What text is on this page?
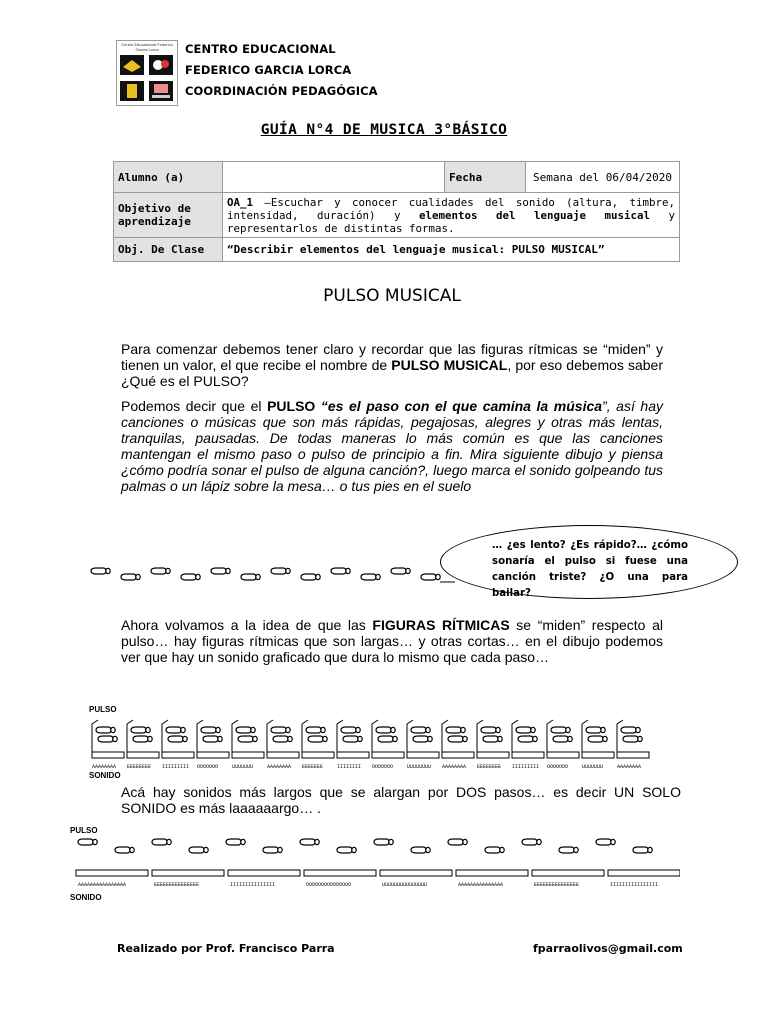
Centro Educacional Federico García Lorca	CENTRO EDUCACIONAL
FEDERICO GARCIA LORCA
COORDINACIÓN PEDAGÓGICA
GUÍA N°4 DE MUSICA 3°BÁSICO
Alumno (a)		Fecha	Semana del 06/04/2020
Objetivo de aprendizaje	OA_1 –Escuchar y conocer cualidades del sonido (altura, timbre, intensidad, duración) y elementos del lenguaje musical y representarlos de distintas formas.		
Obj. De Clase	“Describir elementos del lenguaje musical: PULSO MUSICAL”		
PULSO MUSICAL
Para comenzar debemos tener claro y recordar que las figuras rítmicas se “miden” y tienen un valor, el que recibe el nombre de PULSO MUSICAL, por eso debemos saber ¿Qué es el PULSO?
Podemos decir que el PULSO “es el paso con el que camina la música”, así hay canciones o músicas que son más rápidas, pegajosas, alegres y otras más lentas, tranquilas, pausadas. De todas maneras lo más común es que las canciones mantengan el mismo paso o pulso de principio a fin. Mira siguiente dibujo y piensa ¿cómo podría sonar el pulso de alguna canción?, luego marca el sonido golpeando tus palmas o un lápiz sobre la mesa… o tus pies en el suelo
… ¿es lento? ¿Es rápido?… ¿cómo sonaría el pulso si fuese una canción triste? ¿O una para bailar?
Ahora volvamos a la idea de que las FIGURAS RÍTMICAS se “miden” respecto al pulso… hay figuras rítmicas que son largas… y otras cortas… en el dibujo podemos ver que hay un sonido graficado que dura lo mismo que cada paso…
PULSO
AAAAAAAA EEEEEEEE IIIIIIIII OOOOOOO	UUUUUUU	AAAAAAAA EEEEEEE	IIIIIIII OOOOOOO	UUUUUUUU AAAAAAAA EEEEEEEE IIIIIIIII OOOOOOO	UUUUUUU	AAAAAAAA
SONIDO
Acá hay sonidos más largos que se alargan por DOS pasos… es decir UN SOLO SONIDO es más laaaaaargo… .
PULSO
AAAAAAAAAAAAAAAA	EEEEEEEEEEEEEEE	IIIIIIIIIIIIIII	OOOOOOOOOOOOOOO	UUUUUUUUUUUUUUU	AAAAAAAAAAAAAAA	EEEEEEEEEEEEEEE	IIIIIIIIIIIIIIII
SONIDO
Realizado por Prof. Francisco Parra	fparraolivos@gmail.com
